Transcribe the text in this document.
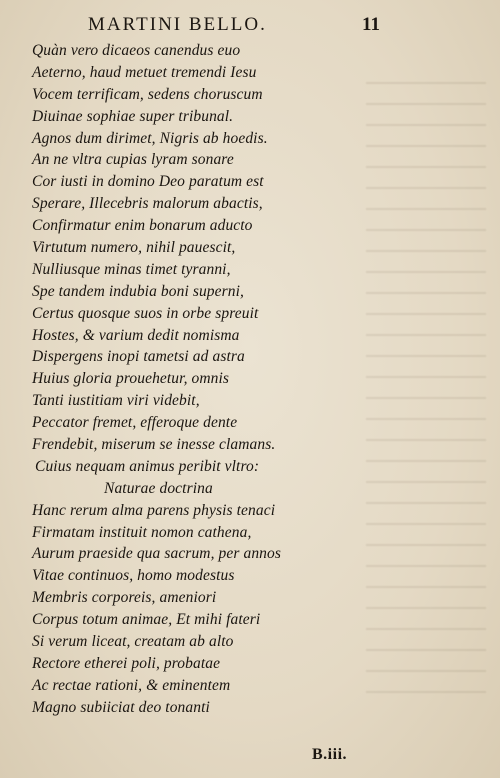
MARTINI BELLO.	11
Quàn vero dicaeos canendus euo
Aeterno, haud metuet tremendi Iesu
Vocem terrificam, sedens choruscum
Diuinae sophiae super tribunal.
Agnos dum dirimet, Nigris ab hoedis.
An ne vltra cupias lyram sonare
Cor iusti in domino Deo paratum est
Sperare, Illecebris malorum abactis,
Confirmatur enim bonarum aducto
Virtutum numero, nihil pauescit,
Nulliusque minas timet tyranni,
Spe tandem indubia boni superni,
Certus quosque suos in orbe spreuit
Hostes, & varium dedit nomisma
Dispergens inopi tametsi ad astra
Huius gloria prouehetur, omnis
Tanti iustitiam viri videbit,
Peccator fremet, efferoque dente
Frendebit, miserum se inesse clamans.
Cuius nequam animus peribit vltro:
Naturae doctrina
Hanc rerum alma parens physis tenaci
Firmatam instituit nomon cathena,
Aurum praeside qua sacrum, per annos
Vitae continuos, homo modestus
Membris corporeis, ameniori
Corpus totum animae, Et mihi fateri
Si verum liceat, creatam ab alto
Rectore etherei poli, probatae
Ac rectae rationi, & eminentem
Magno subiiciat deo tonanti
B.iii.
